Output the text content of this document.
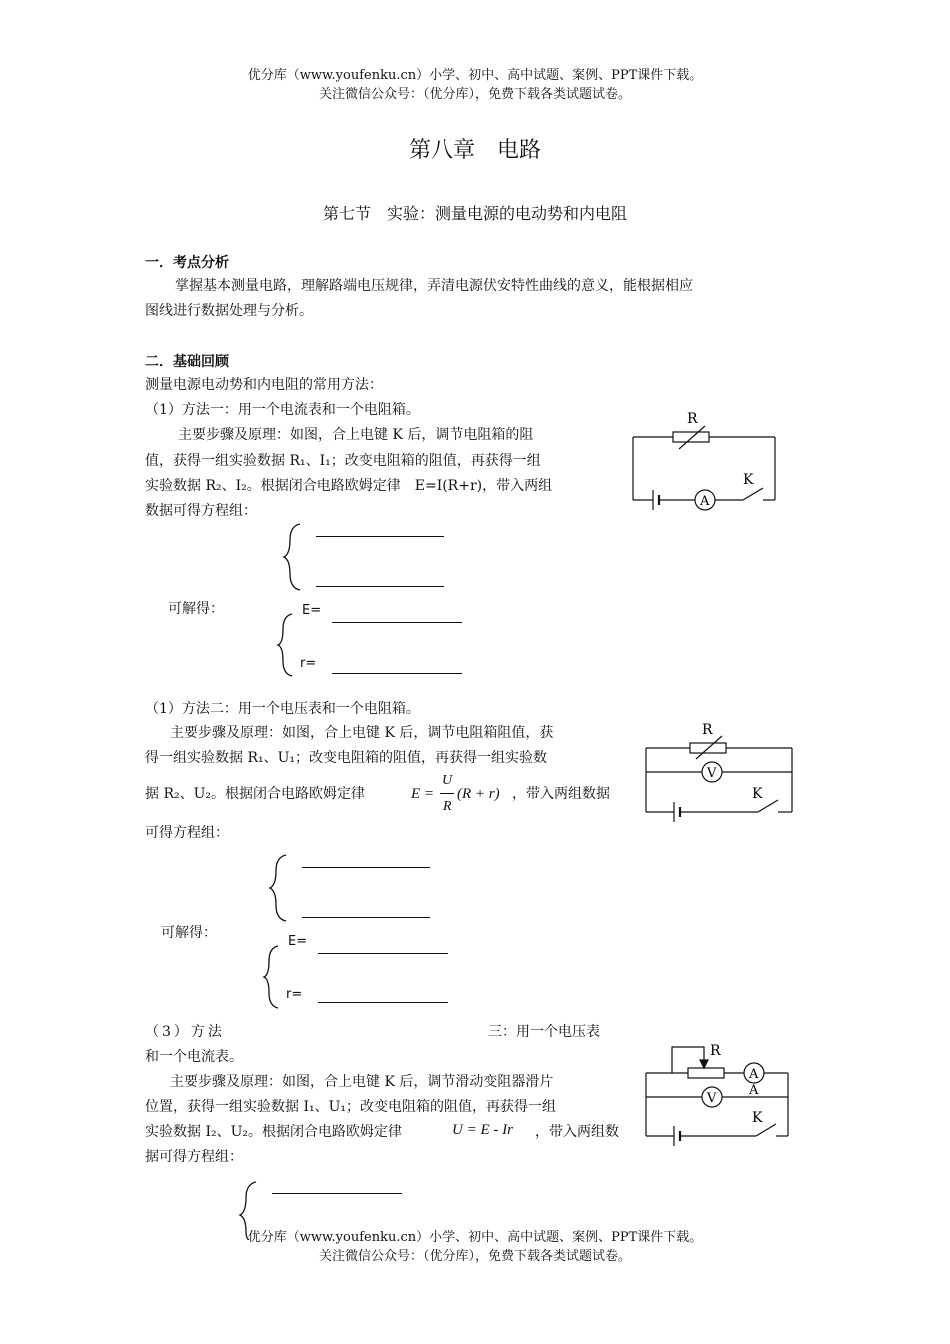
优分库（www.youfenku.cn）小学、初中、高中试题、案例、PPT课件下载。
关注微信公众号：（优分库），免费下载各类试题试卷。
第八章　电路
第七节　实验：测量电源的电动势和内电阻
一．考点分析
掌握基本测量电路，理解路端电压规律，弄清电源伏安特性曲线的意义，能根据相应
图线进行数据处理与分析。
二．基础回顾
测量电源电动势和内电阻的常用方法：
（1）方法一：用一个电流表和一个电阻箱。
主要步骤及原理：如图，合上电键 K 后，调节电阻箱的阻
值，获得一组实验数据 R₁、I₁；改变电阻箱的阻值，再获得一组
实验数据 R₂、I₂。根据闭合电路欧姆定律　E=I(R+r)，带入两组
数据可得方程组：
R
K
A
可解得：	E=
r=
（1）方法二：用一个电压表和一个电阻箱。
主要步骤及原理：如图，合上电键 K 后，调节电阻箱阻值，获
得一组实验数据 R₁、U₁；改变电阻箱的阻值，再获得一组实验数
据 R₂、U₂。根据闭合电路欧姆定律	E =
U
R
(R + r) ，带入两组数据
可得方程组：
R
K
V
可解得：
E=
r=
（3）方法	三：用一个电压表
和一个电流表。
主要步骤及原理：如图，合上电键 K 后，调节滑动变阻器滑片
位置，获得一组实验数据 I₁、U₁；改变电阻箱的阻值，再获得一组
实验数据 I₂、U₂。根据闭合电路欧姆定律	U = E - Ir ，带入两组数
据可得方程组：
R
A
A
V
K
优分库（www.youfenku.cn）小学、初中、高中试题、案例、PPT课件下载。
关注微信公众号：（优分库），免费下载各类试题试卷。
